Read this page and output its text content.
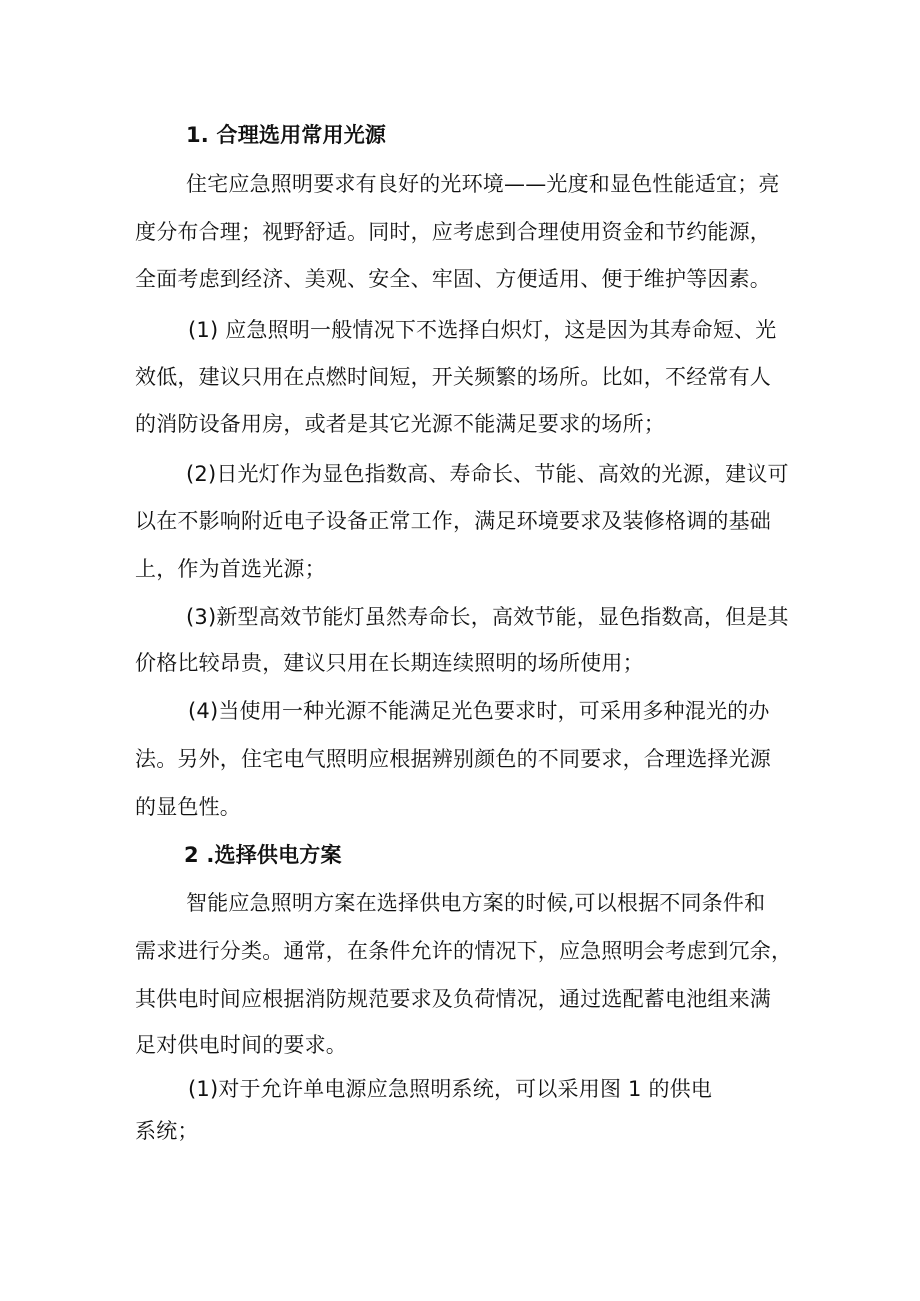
1. 合理选用常用光源
住宅应急照明要求有良好的光环境——光度和显色性能适宜；亮
度分布合理；视野舒适。同时，应考虑到合理使用资金和节约能源，
全面考虑到经济、美观、安全、牢固、方便适用、便于维护等因素。
(1) 应急照明一般情况下不选择白炽灯，这是因为其寿命短、光
效低，建议只用在点燃时间短，开关频繁的场所。比如，不经常有人
的消防设备用房，或者是其它光源不能满足要求的场所；
(2)日光灯作为显色指数高、寿命长、节能、高效的光源，建议可
以在不影响附近电子设备正常工作，满足环境要求及装修格调的基础
上，作为首选光源；
(3)新型高效节能灯虽然寿命长，高效节能，显色指数高，但是其
价格比较昂贵，建议只用在长期连续照明的场所使用；
(4)当使用一种光源不能满足光色要求时，可采用多种混光的办
法。另外，住宅电气照明应根据辨别颜色的不同要求，合理选择光源
的显色性。
2 .选择供电方案
智能应急照明方案在选择供电方案的时候,可以根据不同条件和
需求进行分类。通常，在条件允许的情况下，应急照明会考虑到冗余，
其供电时间应根据消防规范要求及负荷情况，通过选配蓄电池组来满
足对供电时间的要求。
(1)对于允许单电源应急照明系统，可以采用图 1 的供电
系统；
